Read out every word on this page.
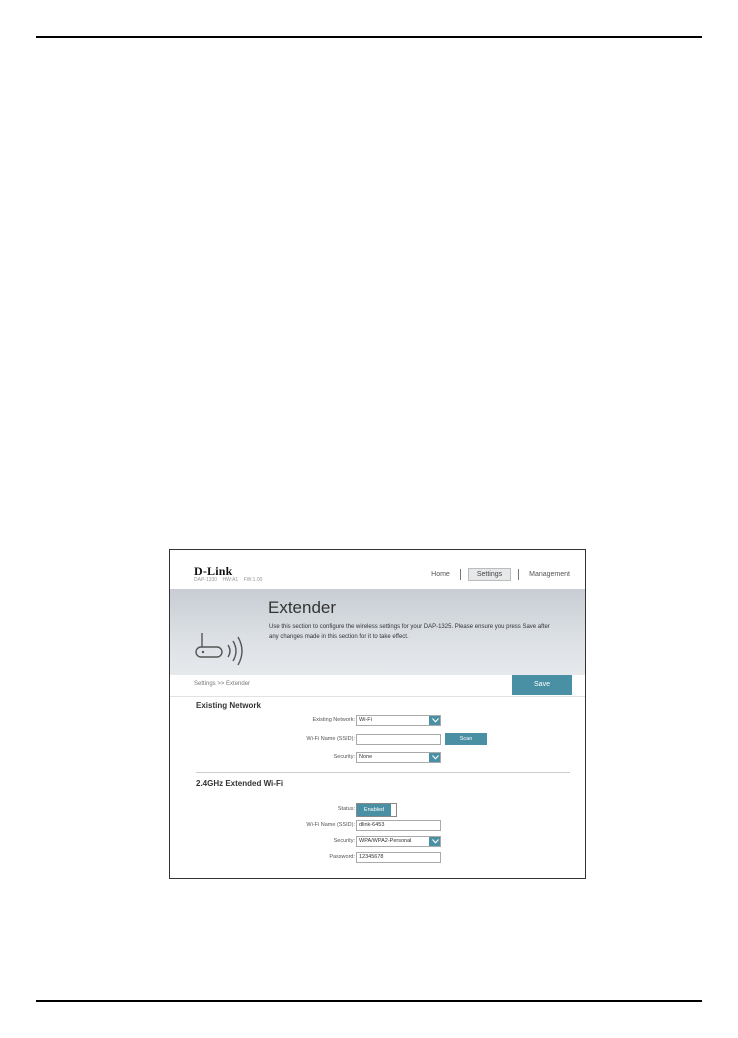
D-Link
DAP-1330 HW:A1 FW:1.00
Home	Settings	Management
Extender
Use this section to configure the wireless settings for your DAP-1325. Please ensure you press Save after any changes made in this section for it to take effect.
Settings >> Extender	Save
Existing Network
Existing Network: Wi-Fi
Wi-Fi Name (SSID):	Scan
Security: None
2.4GHz Extended Wi-Fi
Status:	Enabled
Wi-Fi Name (SSID): dlink-6453
Security: WPA/WPA2-Personal
Password: 12345678
